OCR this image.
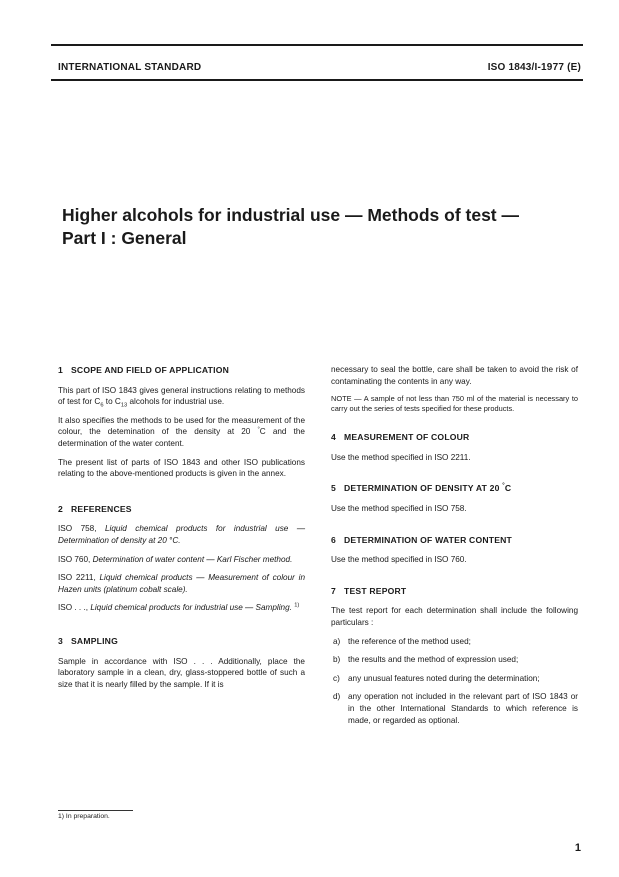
INTERNATIONAL STANDARD	ISO 1843/I-1977 (E)
Higher alcohols for industrial use — Methods of test —
Part I : General
1 SCOPE AND FIELD OF APPLICATION

This part of ISO 1843 gives general instructions relating to methods of test for $C_6$ to $C_{13}$ alcohols for industrial use.

It also specifies the methods to be used for the measurement of the colour, the detemination of the density at 20 °C and the determination of the water content.

The present list of parts of ISO 1843 and other ISO publications relating to the above-mentioned products is given in the annex.

2 REFERENCES

ISO 758, Liquid chemical products for industrial use — Determination of density at 20 °C.

ISO 760, Determination of water content — Karl Fischer method.

ISO 2211, Liquid chemical products — Measurement of colour in Hazen units (platinum cobalt scale).

ISO . . ., Liquid chemical products for industrial use — Sampling. $^{1)}$

3 SAMPLING

Sample in accordance with ISO . . . Additionally, place the laboratory sample in a clean, dry, glass-stoppered bottle of such a size that it is nearly filled by the sample. If it is

necessary to seal the bottle, care shall be taken to avoid the risk of contaminating the contents in any way.

NOTE — A sample of not less than 750 ml of the material is necessary to carry out the series of tests specified for these products.

4 MEASUREMENT OF COLOUR

Use the method specified in ISO 2211.

5 DETERMINATION OF DENSITY AT 20 °C

Use the method specified in ISO 758.

6 DETERMINATION OF WATER CONTENT

Use the method specified in ISO 760.

7 TEST REPORT

The test report for each determination shall include the following particulars :

a) the reference of the method used;
b) the results and the method of expression used;
c) any unusual features noted during the determination;
d) any operation not included in the relevant part of ISO 1843 or in the other International Standards to which reference is made, or regarded as optional.
1) In preparation.
1
